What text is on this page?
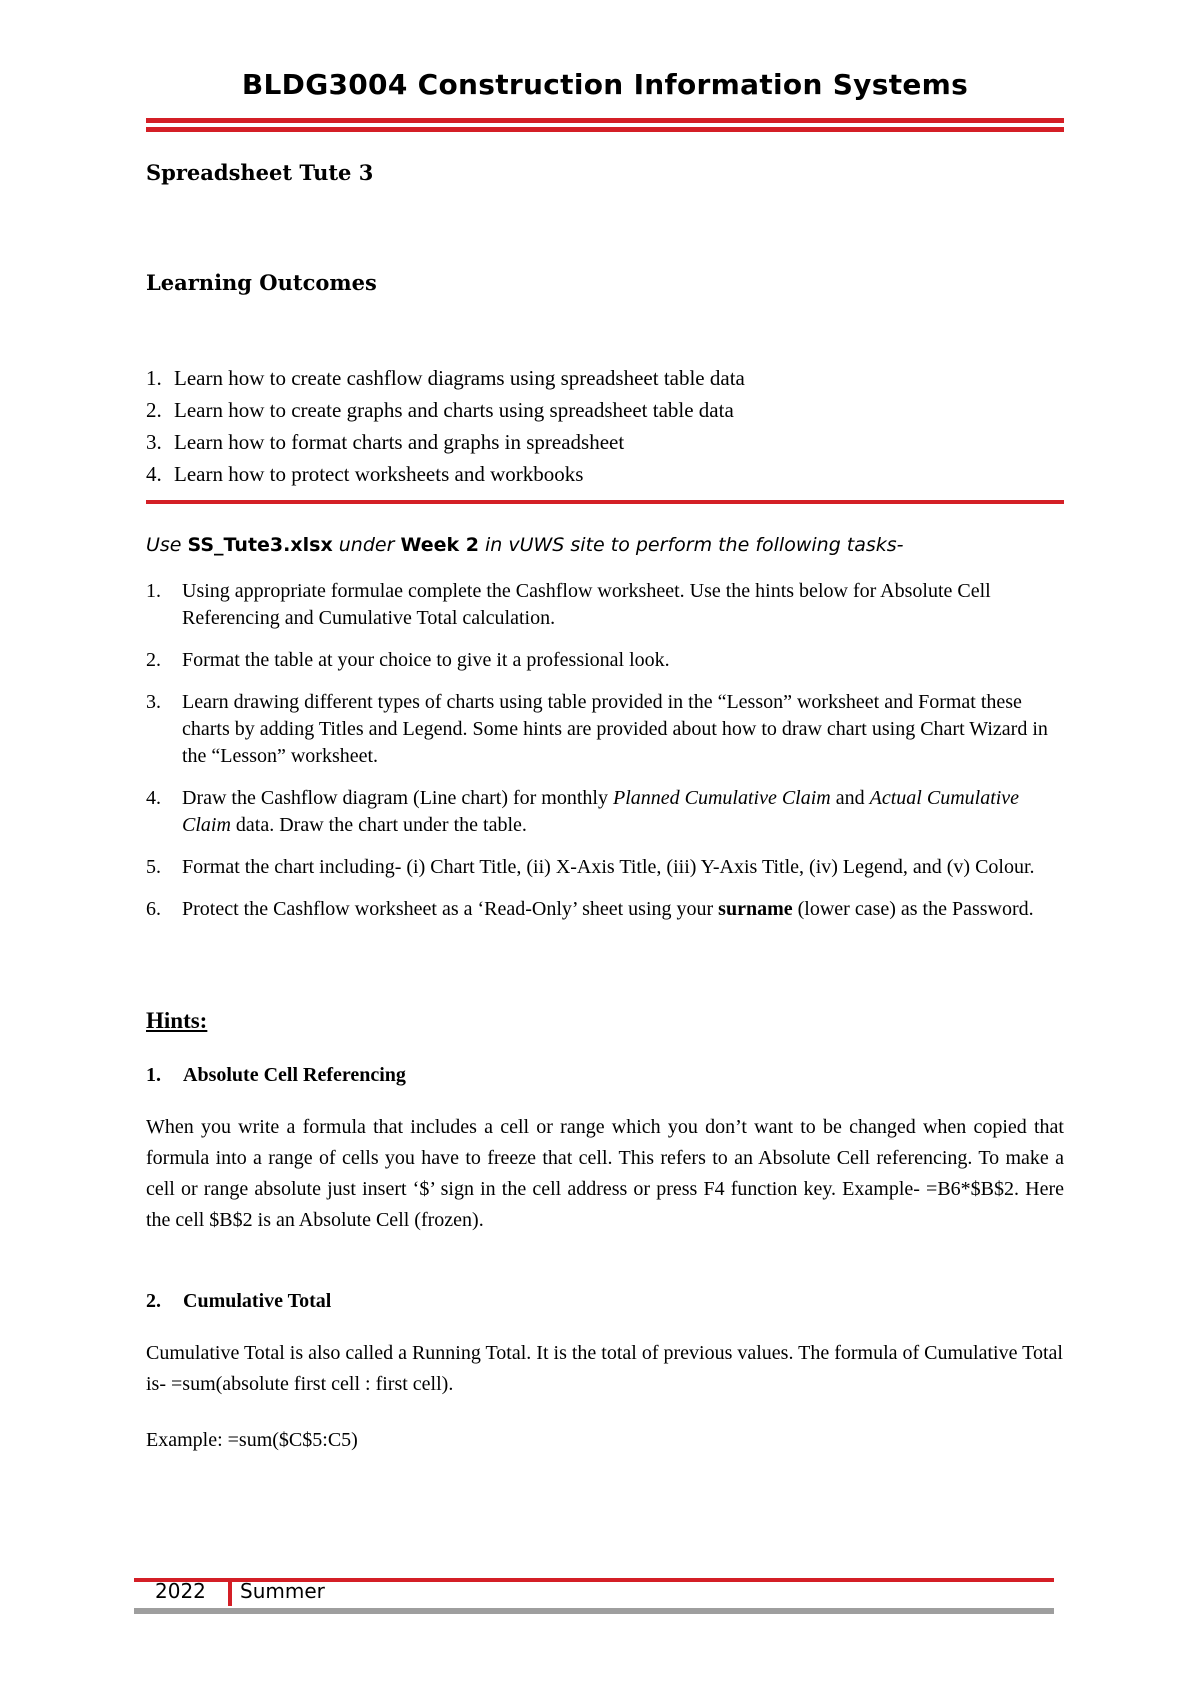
BLDG3004 Construction Information Systems
Spreadsheet Tute 3
Learning Outcomes
1. Learn how to create cashflow diagrams using spreadsheet table data
2. Learn how to create graphs and charts using spreadsheet table data
3. Learn how to format charts and graphs in spreadsheet
4. Learn how to protect worksheets and workbooks
Use SS_Tute3.xlsx under Week 2 in vUWS site to perform the following tasks-
1. Using appropriate formulae complete the Cashflow worksheet. Use the hints below for Absolute Cell Referencing and Cumulative Total calculation.
2. Format the table at your choice to give it a professional look.
3. Learn drawing different types of charts using table provided in the “Lesson” worksheet and Format these charts by adding Titles and Legend. Some hints are provided about how to draw chart using Chart Wizard in the “Lesson” worksheet.
4. Draw the Cashflow diagram (Line chart) for monthly Planned Cumulative Claim and Actual Cumulative Claim data. Draw the chart under the table.
5. Format the chart including- (i) Chart Title, (ii) X-Axis Title, (iii) Y-Axis Title, (iv) Legend, and (v) Colour.
6. Protect the Cashflow worksheet as a ‘Read-Only’ sheet using your surname (lower case) as the Password.
Hints:
1. Absolute Cell Referencing
When you write a formula that includes a cell or range which you don’t want to be changed when copied that formula into a range of cells you have to freeze that cell. This refers to an Absolute Cell referencing. To make a cell or range absolute just insert ‘$’ sign in the cell address or press F4 function key. Example- =B6*$B$2. Here the cell $B$2 is an Absolute Cell (frozen).
2. Cumulative Total
Cumulative Total is also called a Running Total. It is the total of previous values. The formula of Cumulative Total is- =sum(absolute first cell : first cell).
Example: =sum($C$5:C5)
2022 Summer
